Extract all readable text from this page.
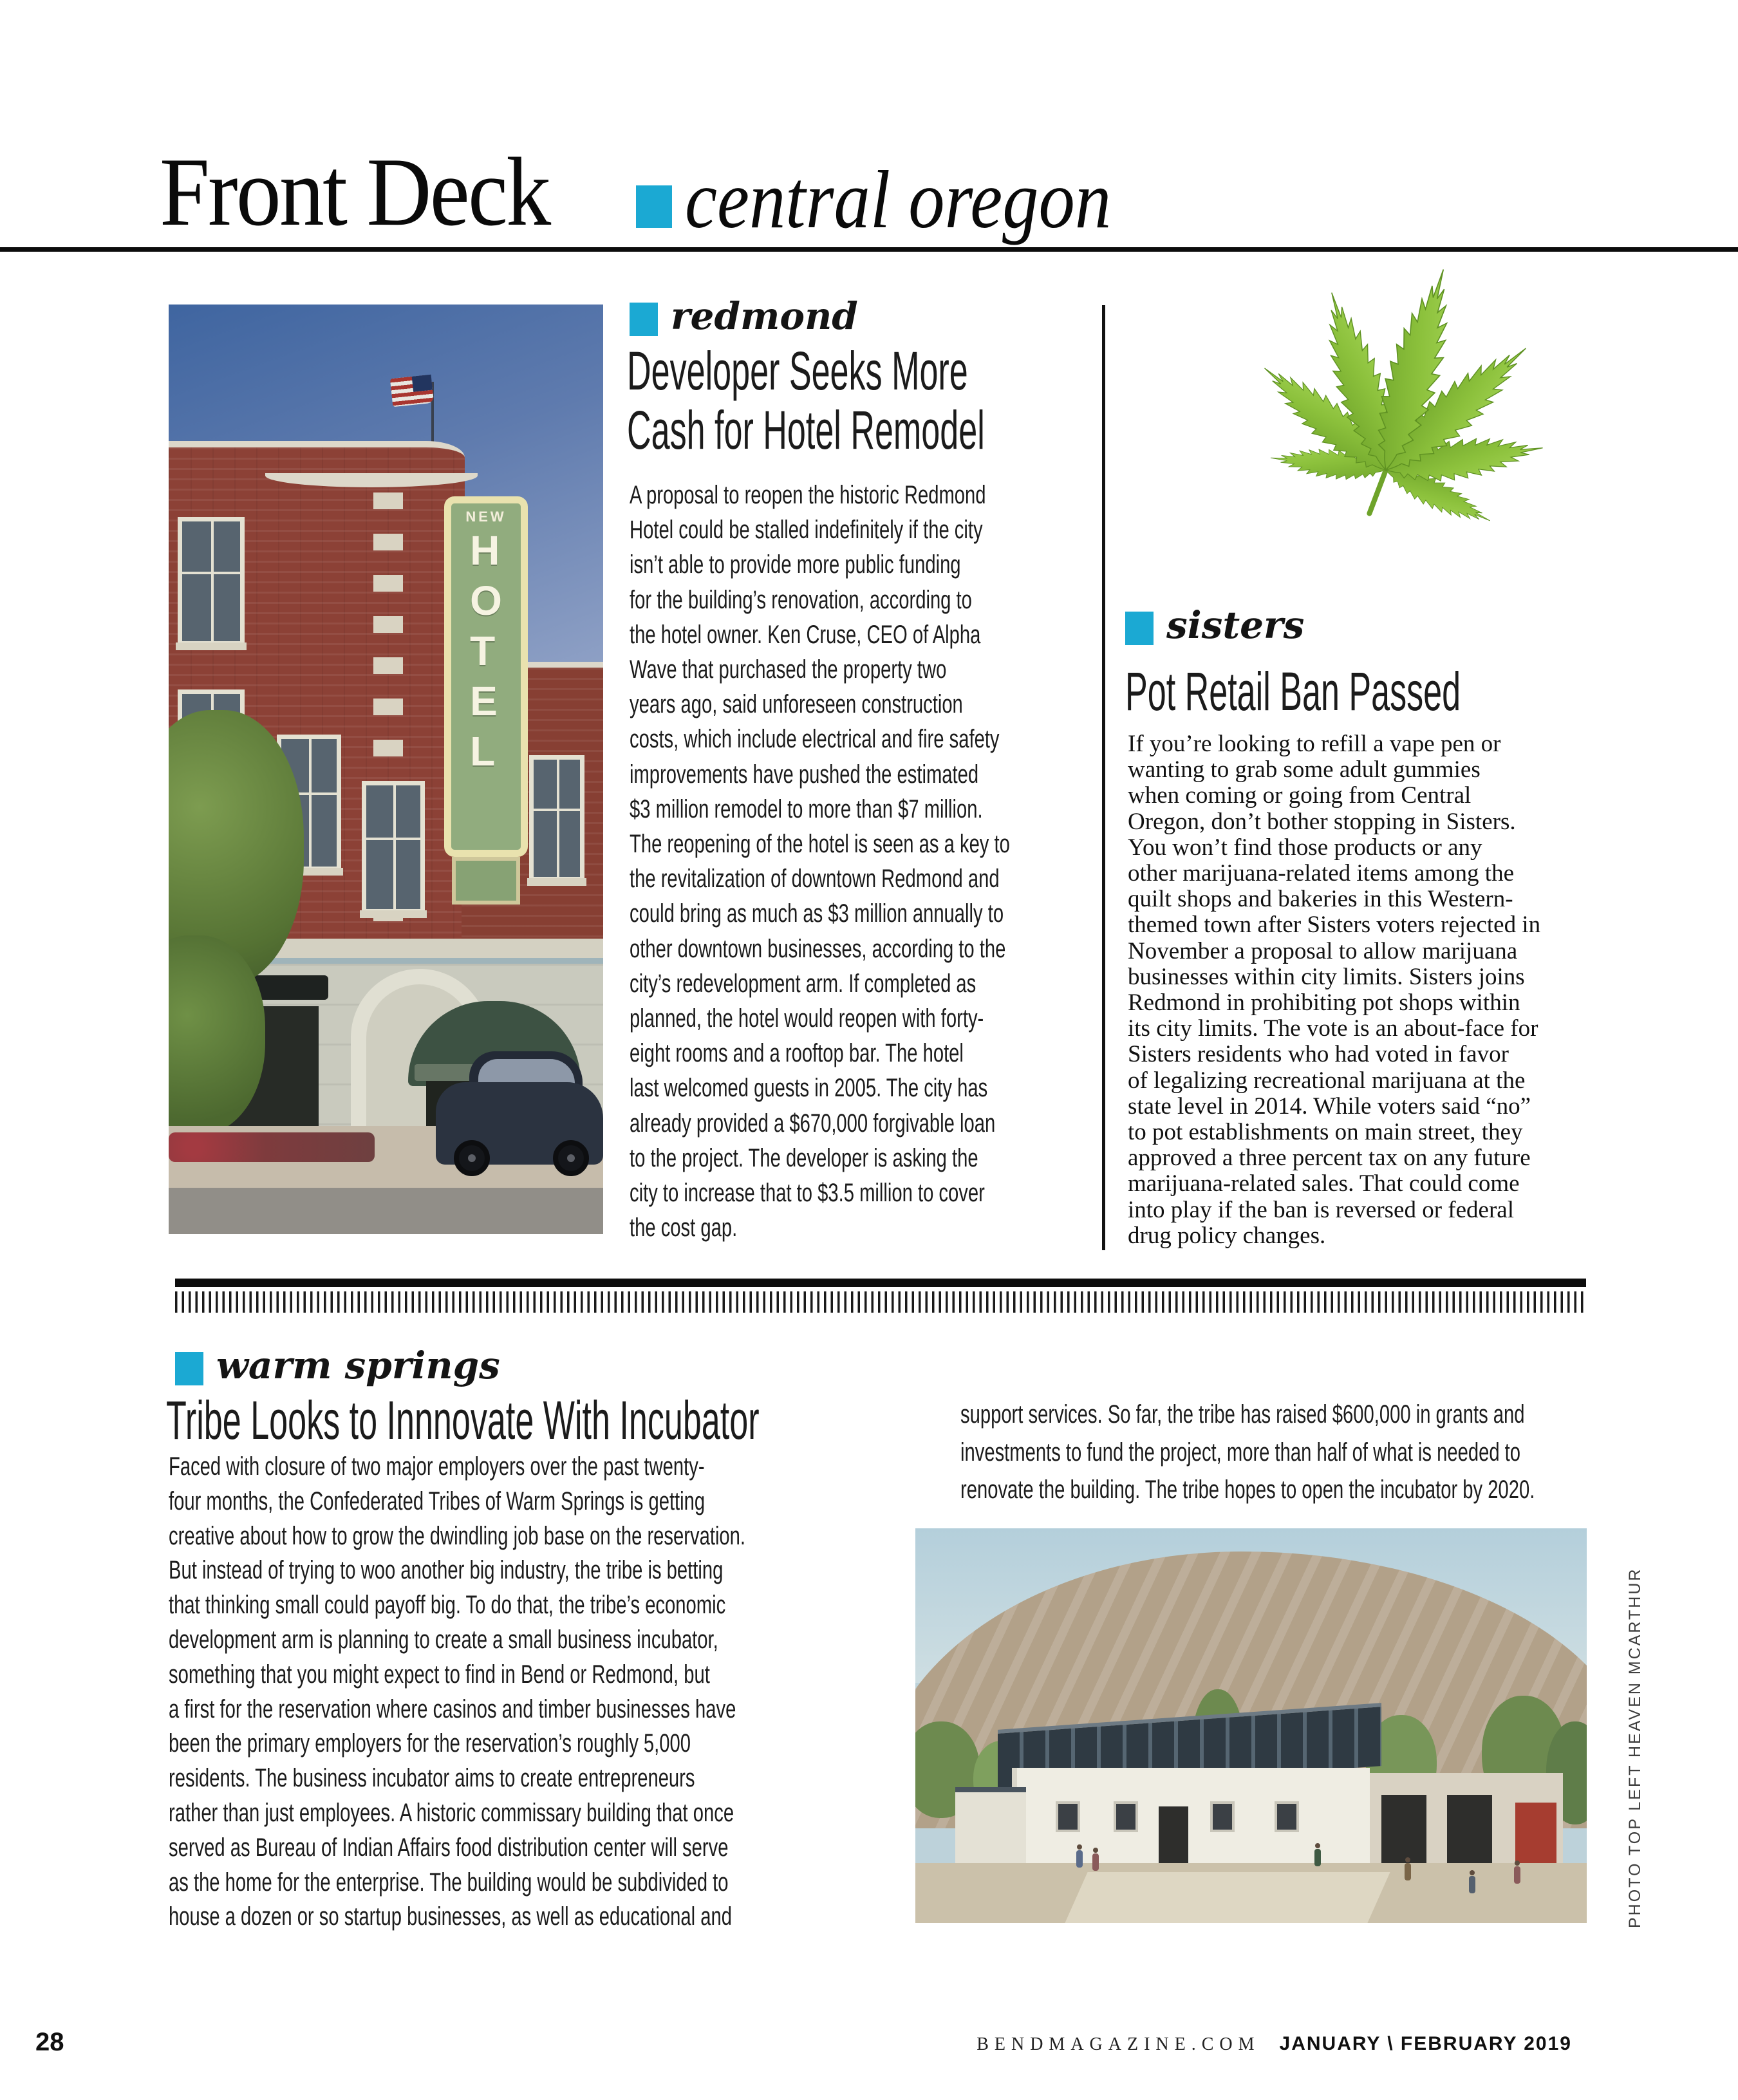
Front Deck central oregon
NEW
H
O
T
E
L
redmond
Developer Seeks More
Cash for Hotel Remodel
A proposal to reopen the historic Redmond
Hotel could be stalled indefinitely if the city
isn’t able to provide more public funding
for the building’s renovation, according to
the hotel owner. Ken Cruse, CEO of Alpha
Wave that purchased the property two
years ago, said unforeseen construction
costs, which include electrical and fire safety
improvements have pushed the estimated
$3 million remodel to more than $7 million.
The reopening of the hotel is seen as a key to
the revitalization of downtown Redmond and
could bring as much as $3 million annually to
other downtown businesses, according to the
city’s redevelopment arm. If completed as
planned, the hotel would reopen with forty-
eight rooms and a rooftop bar. The hotel
last welcomed guests in 2005. The city has
already provided a $670,000 forgivable loan
to the project. The developer is asking the
city to increase that to $3.5 million to cover
the cost gap.
sisters
Pot Retail Ban Passed
If you’re looking to refill a vape pen or
wanting to grab some adult gummies
when coming or going from Central
Oregon, don’t bother stopping in Sisters.
You won’t find those products or any
other marijuana-related items among the
quilt shops and bakeries in this Western-
themed town after Sisters voters rejected in
November a proposal to allow marijuana
businesses within city limits. Sisters joins
Redmond in prohibiting pot shops within
its city limits. The vote is an about-face for
Sisters residents who had voted in favor
of legalizing recreational marijuana at the
state level in 2014. While voters said “no”
to pot establishments on main street, they
approved a three percent tax on any future
marijuana-related sales. That could come
into play if the ban is reversed or federal
drug policy changes.
warm springs
Tribe Looks to Innnovate With Incubator
Faced with closure of two major employers over the past twenty-
four months, the Confederated Tribes of Warm Springs is getting
creative about how to grow the dwindling job base on the reservation.
But instead of trying to woo another big industry, the tribe is betting
that thinking small could payoff big. To do that, the tribe’s economic
development arm is planning to create a small business incubator,
something that you might expect to find in Bend or Redmond, but
a first for the reservation where casinos and timber businesses have
been the primary employers for the reservation’s roughly 5,000
residents. The business incubator aims to create entrepreneurs
rather than just employees. A historic commissary building that once
served as Bureau of Indian Affairs food distribution center will serve
as the home for the enterprise. The building would be subdivided to
house a dozen or so startup businesses, as well as educational and
support services. So far, the tribe has raised $600,000 in grants and
investments to fund the project, more than half of what is needed to
renovate the building. The tribe hopes to open the incubator by 2020.
PHOTO TOP LEFT HEAVEN MCARTHUR
28	BENDMAGAZINE.COM JANUARY \ FEBRUARY 2019
